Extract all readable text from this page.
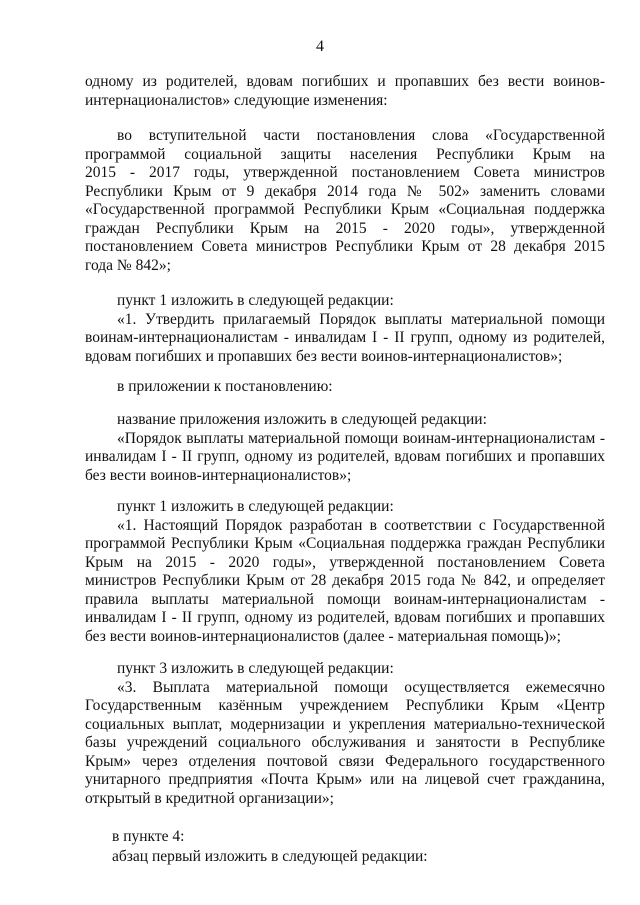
4
одному из родителей, вдовам погибших и пропавших без вести воинов-
интернационалистов» следующие изменения:
во вступительной части постановления слова «Государственной
программой социальной защиты населения Республики Крым на
2015 - 2017 годы, утвержденной постановлением Совета министров
Республики Крым от 9 декабря 2014 года № 502» заменить словами
«Государственной программой Республики Крым «Социальная поддержка
граждан Республики Крым на 2015 - 2020 годы», утвержденной
постановлением Совета министров Республики Крым от 28 декабря 2015
года № 842»;
пункт 1 изложить в следующей редакции:
«1. Утвердить прилагаемый Порядок выплаты материальной помощи
воинам-интернационалистам - инвалидам I - II групп, одному из родителей,
вдовам погибших и пропавших без вести воинов-интернационалистов»;
в приложении к постановлению:
название приложения изложить в следующей редакции:
«Порядок выплаты материальной помощи воинам-интернационалистам -
инвалидам I - II групп, одному из родителей, вдовам погибших и пропавших
без вести воинов-интернационалистов»;
пункт 1 изложить в следующей редакции:
«1. Настоящий Порядок разработан в соответствии с Государственной
программой Республики Крым «Социальная поддержка граждан Республики
Крым на 2015 - 2020 годы», утвержденной постановлением Совета
министров Республики Крым от 28 декабря 2015 года № 842, и определяет
правила выплаты материальной помощи воинам-интернационалистам -
инвалидам I - II групп, одному из родителей, вдовам погибших и пропавших
без вести воинов-интернационалистов (далее - материальная помощь)»;
пункт 3 изложить в следующей редакции:
«3. Выплата материальной помощи осуществляется ежемесячно
Государственным казённым учреждением Республики Крым «Центр
социальных выплат, модернизации и укрепления материально-технической
базы учреждений социального обслуживания и занятости в Республике
Крым» через отделения почтовой связи Федерального государственного
унитарного предприятия «Почта Крым» или на лицевой счет гражданина,
открытый в кредитной организации»;
в пункте 4:
абзац первый изложить в следующей редакции:
